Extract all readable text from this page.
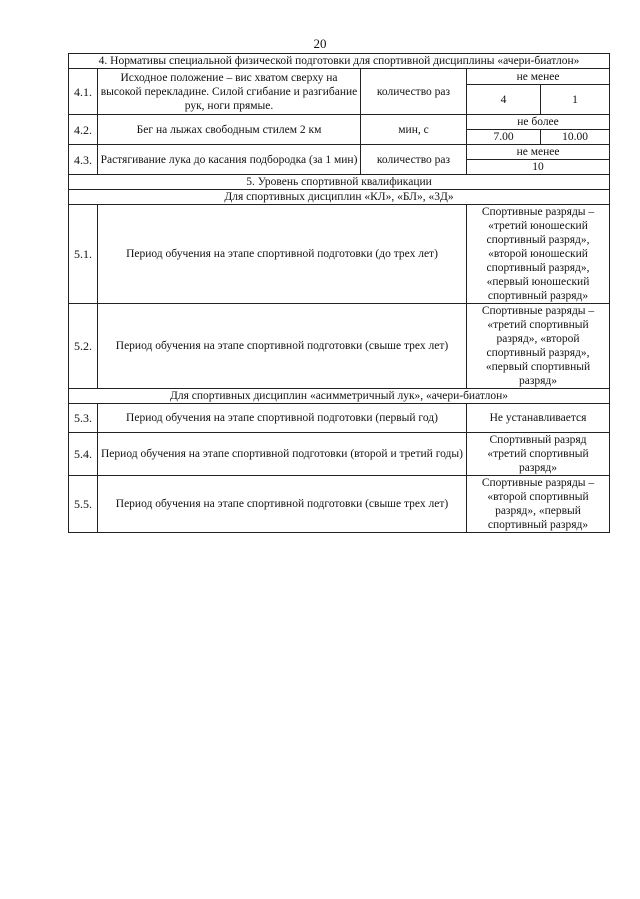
20
4. Нормативы специальной физической подготовки для спортивной дисциплины «ачери-биатлон»				
4.1.	Исходное положение – вис хватом сверху на высокой перекладине. Силой сгибание и разгибание рук, ноги прямые.	количество раз	не менее	
			4	1
4.2.	Бег на лыжах свободным стилем 2 км	мин, с	не более	
			7.00	10.00
4.3.	Растягивание лука до касания подбородка (за 1 мин)	количество раз	не менее	
			10	
5. Уровень спортивной квалификации				
Для спортивных дисциплин «КЛ», «БЛ», «3Д»				
5.1.	Период обучения на этапе спортивной подготовки (до трех лет)		Спортивные разряды – «третий юношеский спортивный разряд», «второй юношеский спортивный разряд», «первый юношеский спортивный разряд»	
5.2.	Период обучения на этапе спортивной подготовки (свыше трех лет)		Спортивные разряды – «третий спортивный разряд», «второй спортивный разряд», «первый спортивный разряд»	
Для спортивных дисциплин «асимметричный лук», «ачери-биатлон»				
5.3.	Период обучения на этапе спортивной подготовки (первый год)		Не устанавливается	
5.4.	Период обучения на этапе спортивной подготовки (второй и третий годы)		Спортивный разряд «третий спортивный разряд»	
5.5.	Период обучения на этапе спортивной подготовки (свыше трех лет)		Спортивные разряды – «второй спортивный разряд», «первый спортивный разряд»	
